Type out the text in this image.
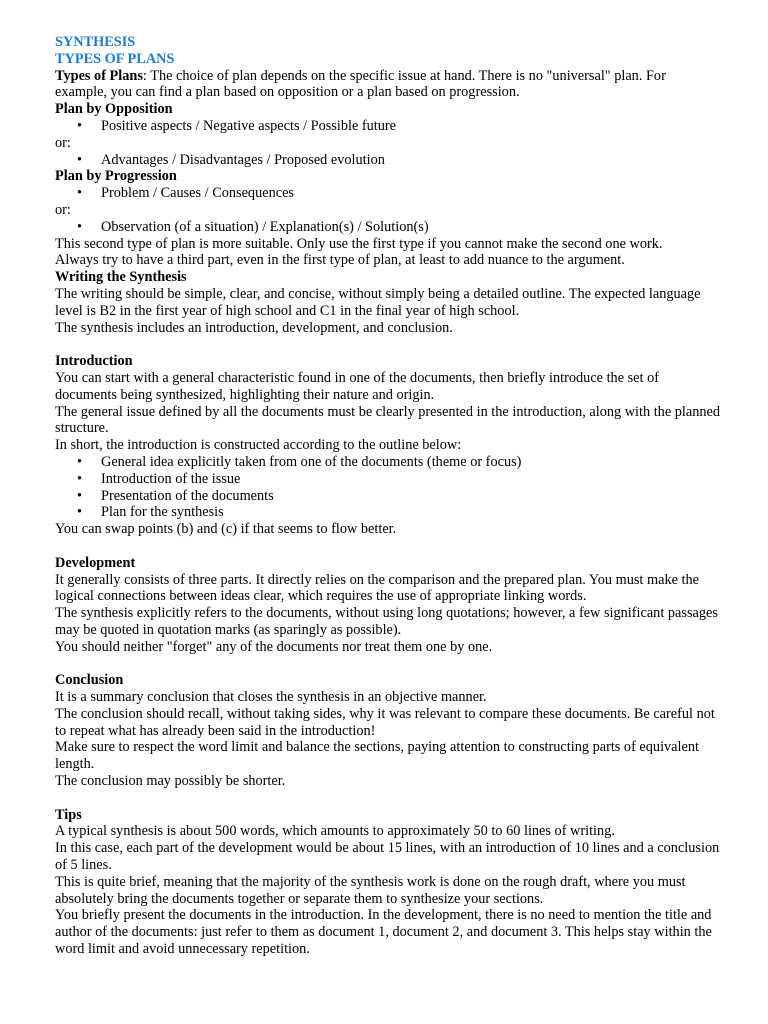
SYNTHESIS
TYPES OF PLANS

Types of Plans: The choice of plan depends on the specific issue at hand. There is no "universal" plan. For example, you can find a plan based on opposition or a plan based on progression.

Plan by Opposition
• Positive aspects / Negative aspects / Possible future
or:
• Advantages / Disadvantages / Proposed evolution
Plan by Progression
• Problem / Causes / Consequences
or:
• Observation (of a situation) / Explanation(s) / Solution(s)

This second type of plan is more suitable. Only use the first type if you cannot make the second one work.

Always try to have a third part, even in the first type of plan, at least to add nuance to the argument.

Writing the Synthesis

The writing should be simple, clear, and concise, without simply being a detailed outline. The expected language level is B2 in the first year of high school and C1 in the final year of high school.

The synthesis includes an introduction, development, and conclusion.

Introduction

You can start with a general characteristic found in one of the documents, then briefly introduce the set of documents being synthesized, highlighting their nature and origin.

The general issue defined by all the documents must be clearly presented in the introduction, along with the planned structure.

In short, the introduction is constructed according to the outline below:

• General idea explicitly taken from one of the documents (theme or focus)
• Introduction of the issue
• Presentation of the documents
• Plan for the synthesis

You can swap points (b) and (c) if that seems to flow better.

Development

It generally consists of three parts. It directly relies on the comparison and the prepared plan. You must make the logical connections between ideas clear, which requires the use of appropriate linking words.

The synthesis explicitly refers to the documents, without using long quotations; however, a few significant passages may be quoted in quotation marks (as sparingly as possible).

You should neither "forget" any of the documents nor treat them one by one.

Conclusion

It is a summary conclusion that closes the synthesis in an objective manner.

The conclusion should recall, without taking sides, why it was relevant to compare these documents. Be careful not to repeat what has already been said in the introduction!

Make sure to respect the word limit and balance the sections, paying attention to constructing parts of equivalent length.

The conclusion may possibly be shorter.

Tips

A typical synthesis is about 500 words, which amounts to approximately 50 to 60 lines of writing.

In this case, each part of the development would be about 15 lines, with an introduction of 10 lines and a conclusion of 5 lines.

This is quite brief, meaning that the majority of the synthesis work is done on the rough draft, where you must absolutely bring the documents together or separate them to synthesize your sections.

You briefly present the documents in the introduction. In the development, there is no need to mention the title and author of the documents: just refer to them as document 1, document 2, and document 3. This helps stay within the word limit and avoid unnecessary repetition.
